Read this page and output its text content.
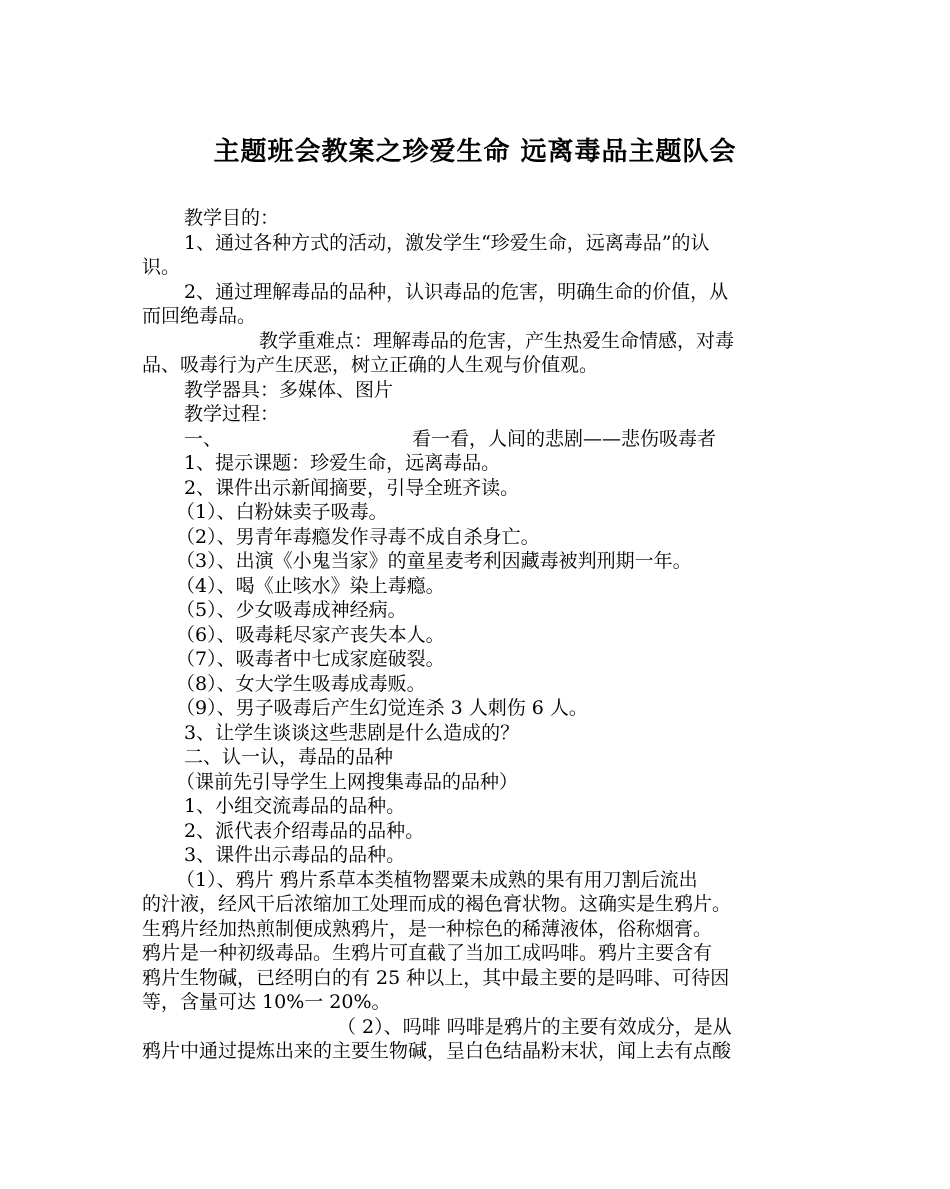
主题班会教案之珍爱生命 远离毒品主题队会
教学目的：
1、通过各种方式的活动，激发学生“珍爱生命，远离毒品”的认
识。
2、通过理解毒品的品种，认识毒品的危害，明确生命的价值，从
而回绝毒品。
教学重难点：理解毒品的危害，产生热爱生命情感，对毒
品、吸毒行为产生厌恶，树立正确的人生观与价值观。
教学器具：多媒体、图片
教学过程：
一、	看一看，人间的悲剧——悲伤吸毒者
1、提示课题：珍爱生命，远离毒品。
2、课件出示新闻摘要，引导全班齐读。
（1）、白粉妹卖子吸毒。
（2）、男青年毒瘾发作寻毒不成自杀身亡。
（3）、出演《小鬼当家》的童星麦考利因藏毒被判刑期一年。
（4）、喝《止咳水》染上毒瘾。
（5）、少女吸毒成神经病。
（6）、吸毒耗尽家产丧失本人。
（7）、吸毒者中七成家庭破裂。
（8）、女大学生吸毒成毒贩。
（9）、男子吸毒后产生幻觉连杀 3 人刺伤 6 人。
3、让学生谈谈这些悲剧是什么造成的？
二、认一认，毒品的品种
（课前先引导学生上网搜集毒品的品种）
1、小组交流毒品的品种。
2、派代表介绍毒品的品种。
3、课件出示毒品的品种。
（1）、鸦片 鸦片系草本类植物罂粟未成熟的果有用刀割后流出
的汁液，经风干后浓缩加工处理而成的褐色膏状物。这确实是生鸦片。
生鸦片经加热煎制便成熟鸦片，是一种棕色的稀薄液体，俗称烟膏。
鸦片是一种初级毒品。生鸦片可直截了当加工成吗啡。鸦片主要含有
鸦片生物碱，已经明白的有 25 种以上，其中最主要的是吗啡、可待因
等，含量可达 10%一 20%。
（ 2）、吗啡 吗啡是鸦片的主要有效成分，是从
鸦片中通过提炼出来的主要生物碱，呈白色结晶粉末状，闻上去有点酸
